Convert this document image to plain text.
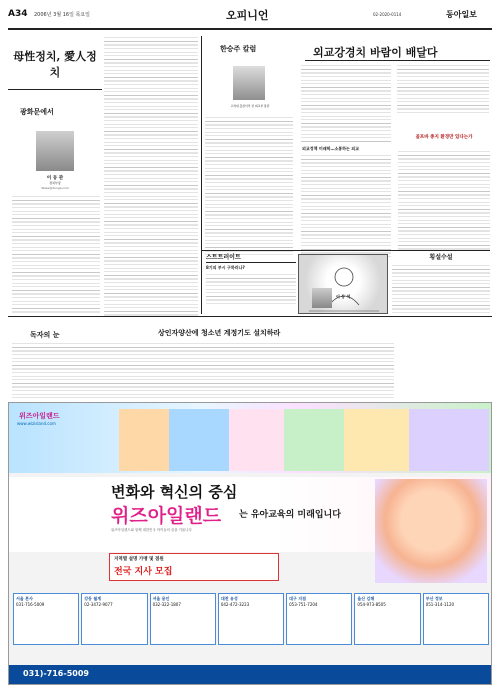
A34 2006년 3월 16일 목요일	오피니언	02-2020-0114	동아일보
母性정치, 愛人정치
광화문에서
이 동 관
정치부장
dklee@donga.com
한승주 칼럼
고려대 총장서리·전 외교부 장관
외교강경치 바람이 배달다
외교정책 미래학…소통하는 외교
골프바 종지 환경만 있다는가
스트트러이트
8기의 부시 구하러나?
횡설수설
이 동 석
독자의 눈	상인자양산에 청소년 계정기도 설치하라
www.wizisland.com
위즈아일랜드
변화와 혁신의 중심
위즈아일랜드 는 유아교육의 미래입니다
위즈아일랜드와 함께 대한민국 아이들의 꿈을 키웁니다
지역별 설명 가맹 및 점원
전국 지사 모집
서울 본사
031-716-5009
강동 월계
02-3472-9077
서울 용인
032-322-1807
대전 유성
042-472-3223
대구 지점
053-751-7204
울산 김해
054-973-8505
부산 정보
051-314-1120
031)-716-5009
